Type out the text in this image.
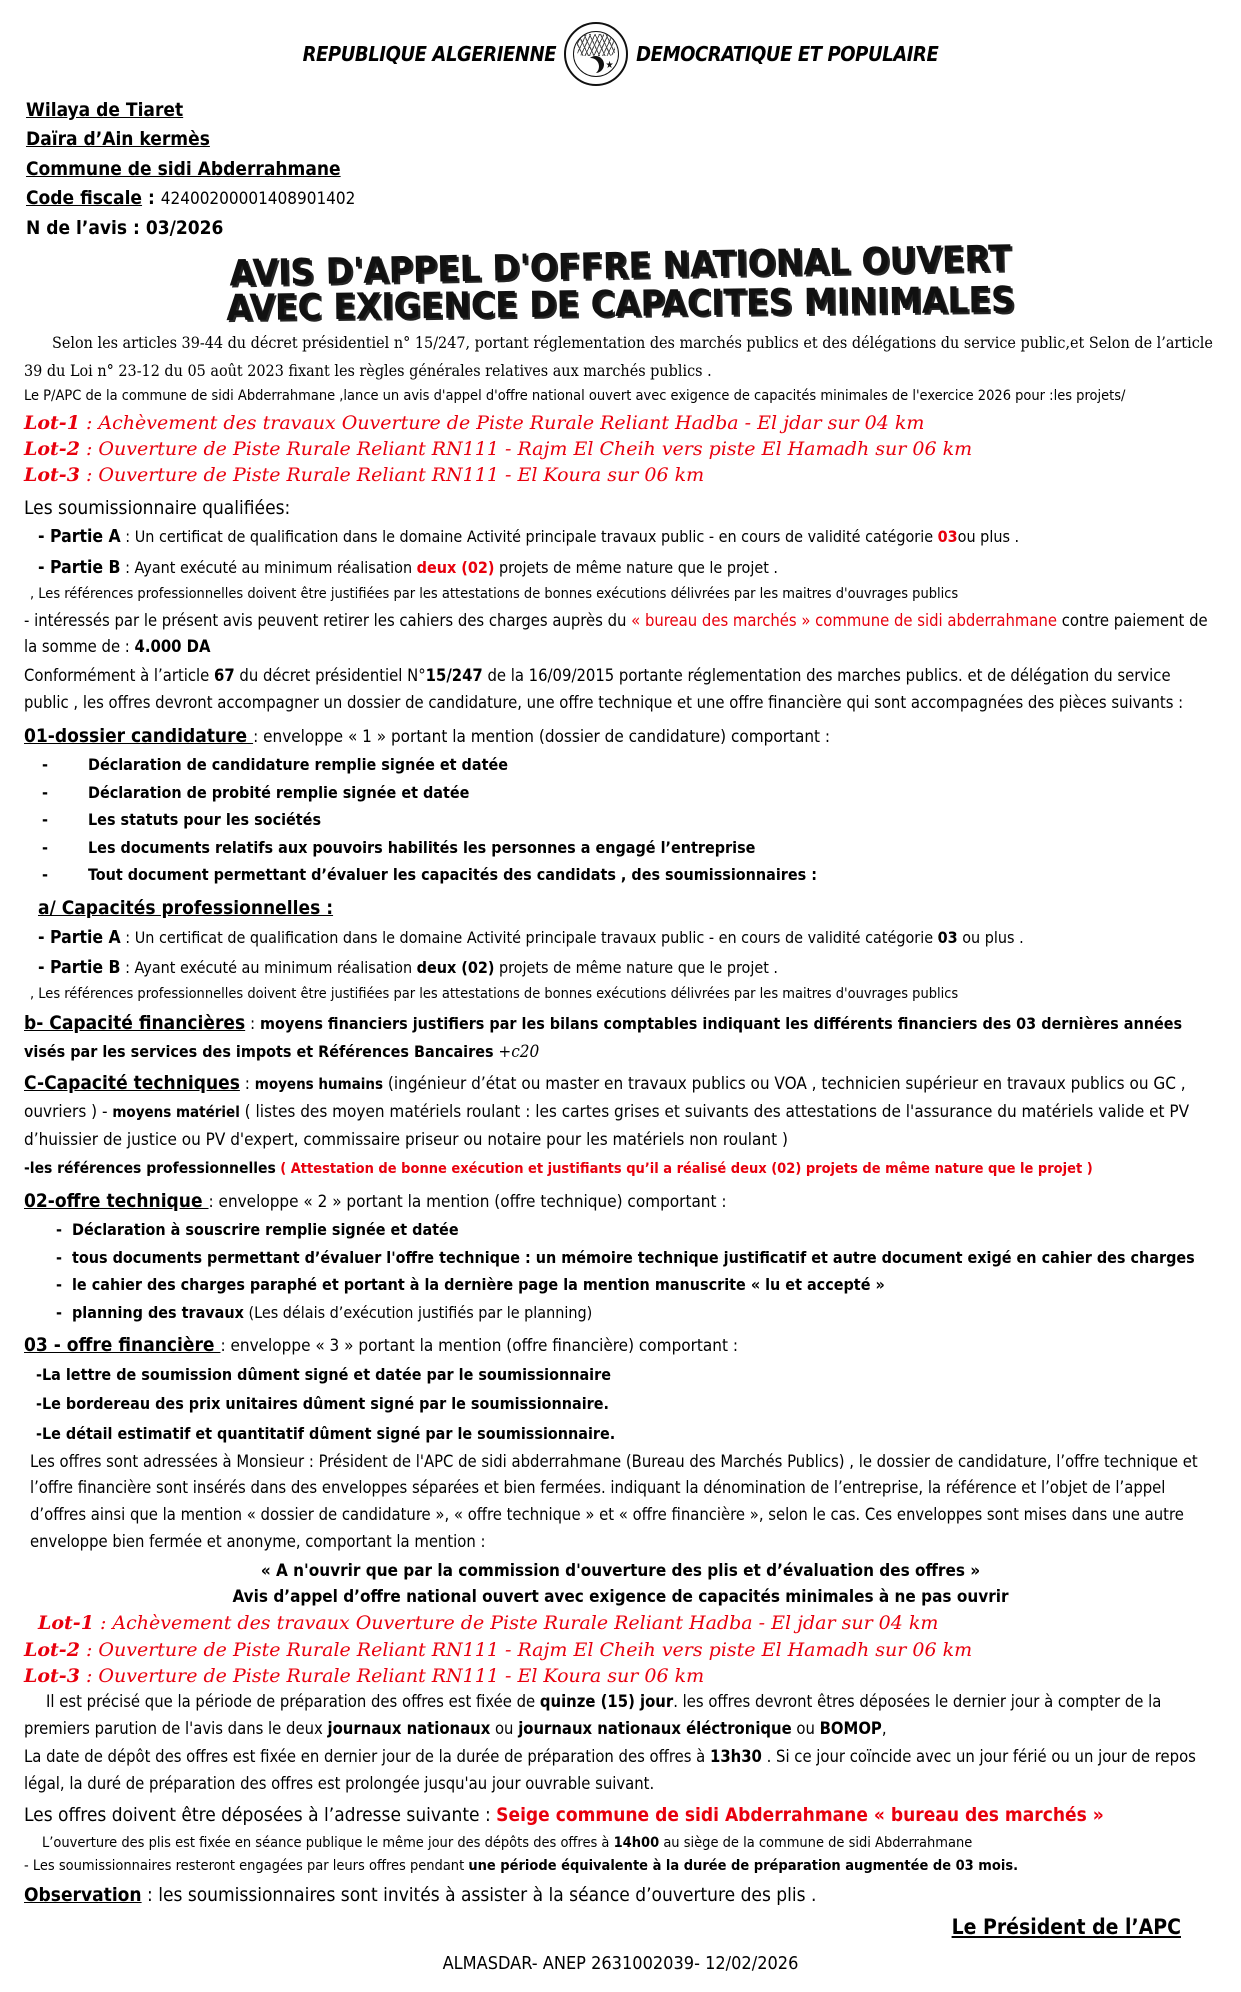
REPUBLIQUE ALGERIENNE	★ DEMOCRATIQUE ET POPULAIRE
Wilaya de Tiaret
Daïra d’Ain kermès
Commune de sidi Abderrahmane
Code fiscale : 42400200001408901402
N de l’avis : 03/2026
AVIS D'APPEL D'OFFRE NATIONAL OUVERT
AVEC EXIGENCE DE CAPACITES MINIMALES

Selon les articles 39-44 du décret présidentiel n° 15/247, portant réglementation des marchés publics et des délégations du service public,et Selon de l’article 39 du Loi n° 23-12 du 05 août 2023 fixant les règles générales relatives aux marchés publics .

Le P/APC de la commune de sidi Abderrahmane ,lance un avis d'appel d'offre national ouvert avec exigence de capacités minimales de l'exercice 2026 pour :les projets/

Lot-1 : Achèvement des travaux Ouverture de Piste Rurale Reliant Hadba - El jdar sur 04 km

Lot-2 : Ouverture de Piste Rurale Reliant RN111 - Rajm El Cheih vers piste El Hamadh sur 06 km

Lot-3 : Ouverture de Piste Rurale Reliant RN111 - El Koura sur 06 km

Les soumissionnaire qualifiées:

- Partie A : Un certificat de qualification dans le domaine Activité principale travaux public - en cours de validité catégorie 03ou plus .

- Partie B : Ayant exécuté au minimum réalisation deux (02) projets de même nature que le projet .

, Les références professionnelles doivent être justifiées par les attestations de bonnes exécutions délivrées par les maitres d'ouvrages publics

- intéressés par le présent avis peuvent retirer les cahiers des charges auprès du « bureau des marchés » commune de sidi abderrahmane contre paiement de la somme de : 4.000 DA

Conformément à l’article 67 du décret présidentiel N°15/247 de la 16/09/2015 portante réglementation des marches publics. et de délégation du service public , les offres devront accompagner un dossier de candidature, une offre technique et une offre financière qui sont accompagnées des pièces suivants :

01-dossier candidature : enveloppe « 1 » portant la mention (dossier de candidature) comportant :
- Déclaration de candidature remplie signée et datée
- Déclaration de probité remplie signée et datée
- Les statuts pour les sociétés
- Les documents relatifs aux pouvoirs habilités les personnes a engagé l’entreprise
- Tout document permettant d’évaluer les capacités des candidats , des soumissionnaires :
a/ Capacités professionnelles :

- Partie A : Un certificat de qualification dans le domaine Activité principale travaux public - en cours de validité catégorie 03 ou plus .

- Partie B : Ayant exécuté au minimum réalisation deux (02) projets de même nature que le projet .

, Les références professionnelles doivent être justifiées par les attestations de bonnes exécutions délivrées par les maitres d'ouvrages publics

b- Capacité financières : moyens financiers justifiers par les bilans comptables indiquant les différents financiers des 03 dernières années visés par les services des impots et Références Bancaires +c20

C-Capacité techniques : moyens humains (ingénieur d’état ou master en travaux publics ou VOA , technicien supérieur en travaux publics ou GC , ouvriers ) - moyens matériel ( listes des moyen matériels roulant : les cartes grises et suivants des attestations de l'assurance du matériels valide et PV d’huissier de justice ou PV d'expert, commissaire priseur ou notaire pour les matériels non roulant )

-les références professionnelles ( Attestation de bonne exécution et justifiants qu’il a réalisé deux (02) projets de même nature que le projet )

02-offre technique : enveloppe « 2 » portant la mention (offre technique) comportant :
- Déclaration à souscrire remplie signée et datée
- tous documents permettant d’évaluer l'offre technique : un mémoire technique justificatif et autre document exigé en cahier des charges
- le cahier des charges paraphé et portant à la dernière page la mention manuscrite « lu et accepté »
- planning des travaux (Les délais d’exécution justifiés par le planning)
03 - offre financière : enveloppe « 3 » portant la mention (offre financière) comportant :

-La lettre de soumission dûment signé et datée par le soumissionnaire

-Le bordereau des prix unitaires dûment signé par le soumissionnaire.

-Le détail estimatif et quantitatif dûment signé par le soumissionnaire.

Les offres sont adressées à Monsieur : Président de l'APC de sidi abderrahmane (Bureau des Marchés Publics) , le dossier de candidature, l’offre technique et l’offre financière sont insérés dans des enveloppes séparées et bien fermées. indiquant la dénomination de l’entreprise, la référence et l’objet de l’appel d’offres ainsi que la mention « dossier de candidature », « offre technique » et « offre financière », selon le cas. Ces enveloppes sont mises dans une autre enveloppe bien fermée et anonyme, comportant la mention :

« A n'ouvrir que par la commission d'ouverture des plis et d’évaluation des offres »

Avis d’appel d’offre national ouvert avec exigence de capacités minimales à ne pas ouvrir

Lot-1 : Achèvement des travaux Ouverture de Piste Rurale Reliant Hadba - El jdar sur 04 km

Lot-2 : Ouverture de Piste Rurale Reliant RN111 - Rajm El Cheih vers piste El Hamadh sur 06 km

Lot-3 : Ouverture de Piste Rurale Reliant RN111 - El Koura sur 06 km

Il est précisé que la période de préparation des offres est fixée de quinze (15) jour. les offres devront êtres déposées le dernier jour à compter de la premiers parution de l'avis dans le deux journaux nationaux ou journaux nationaux éléctronique ou BOMOP,

La date de dépôt des offres est fixée en dernier jour de la durée de préparation des offres à 13h30 . Si ce jour coïncide avec un jour férié ou un jour de repos légal, la duré de préparation des offres est prolongée jusqu'au jour ouvrable suivant.

Les offres doivent être déposées à l’adresse suivante : Seige commune de sidi Abderrahmane « bureau des marchés »

L’ouverture des plis est fixée en séance publique le même jour des dépôts des offres à 14h00 au siège de la commune de sidi Abderrahmane

- Les soumissionnaires resteront engagées par leurs offres pendant une période équivalente à la durée de préparation augmentée de 03 mois.

Observation : les soumissionnaires sont invités à assister à la séance d’ouverture des plis .

Le Président de l’APC
ALMASDAR- ANEP 2631002039- 12/02/2026
